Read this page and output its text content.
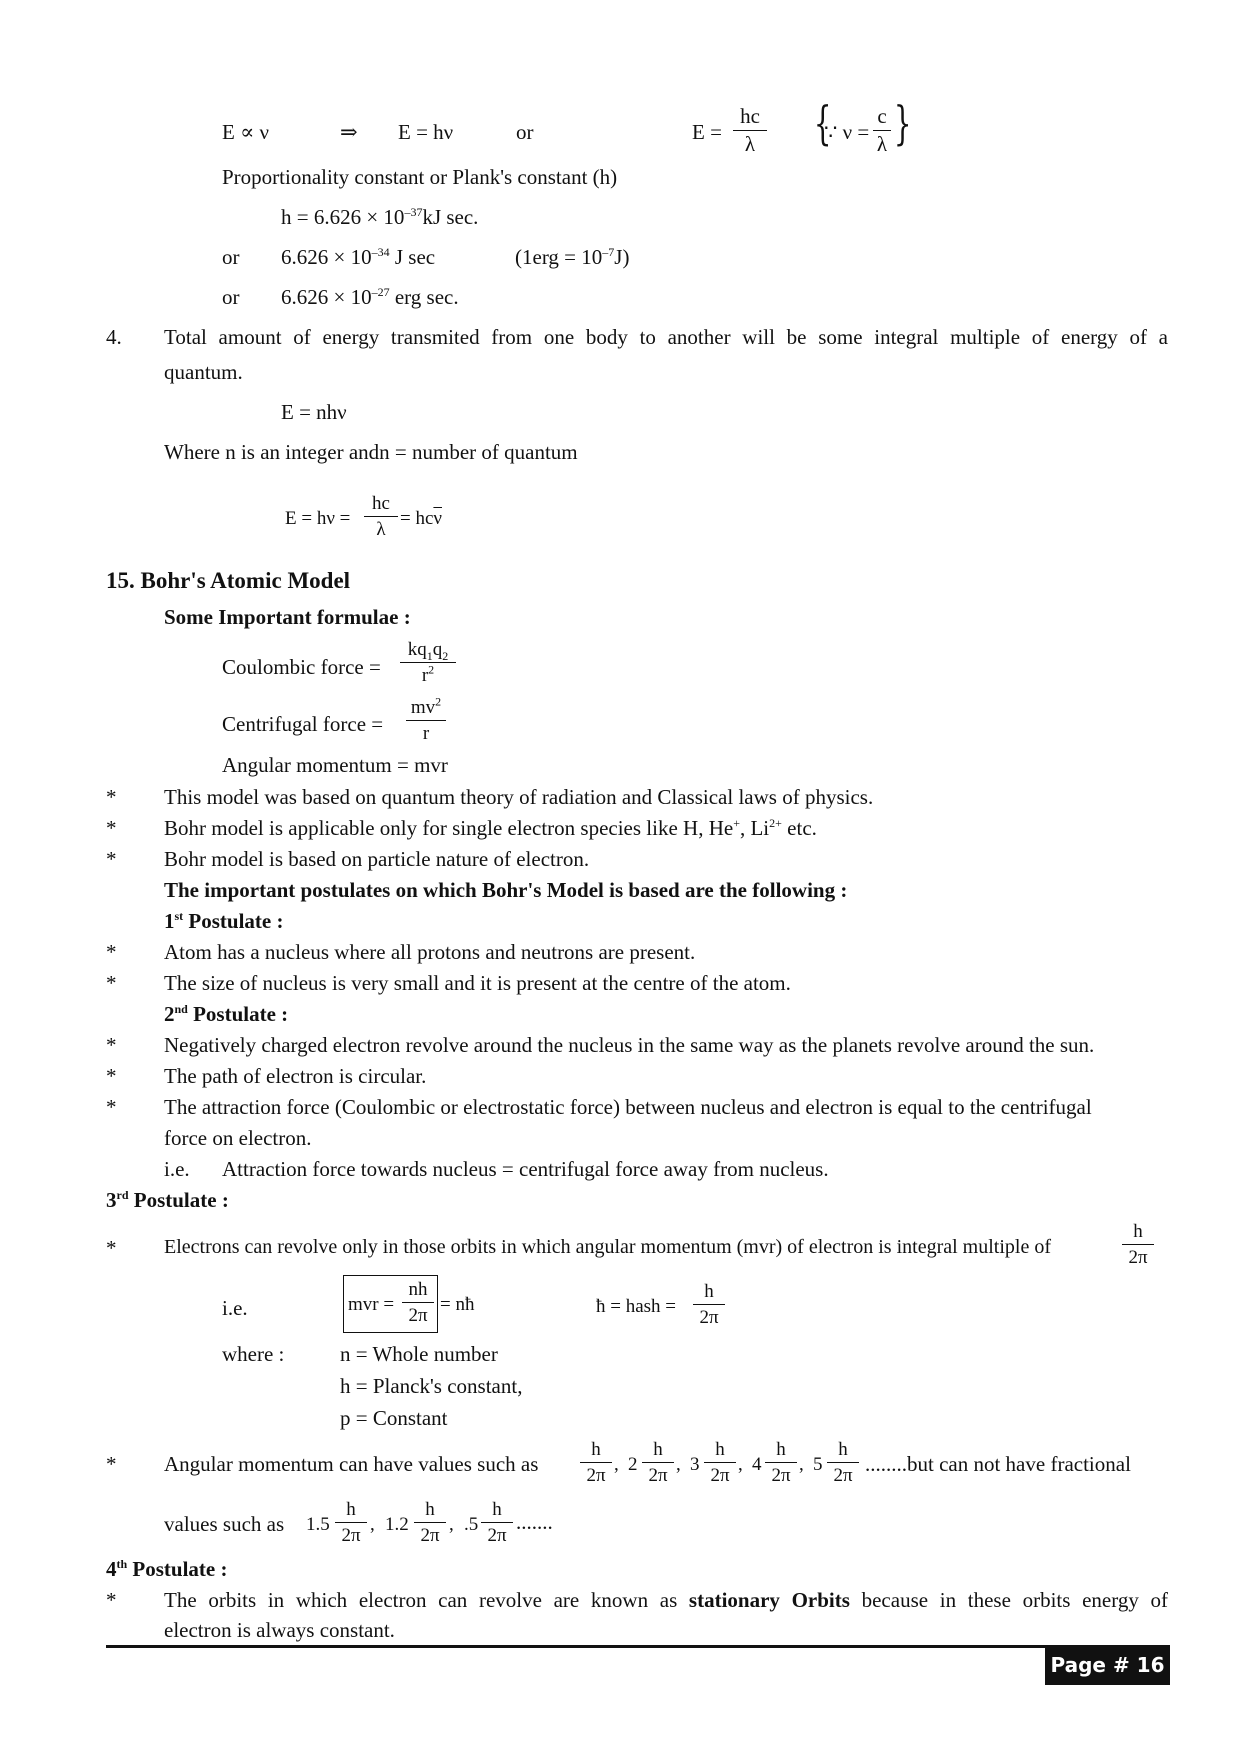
E ∝ ν	⇒ E = hν	or	E =
hc
λ {
∵ ν =
c
λ }
Proportionality constant or Plank's constant (h)
$h = 6.626 \times 10^{-37}kJ$ sec.
or $6.626 \times 10^{-34}$ J sec	$(1erg = 10^{-7}J)$
or $6.626 \times 10^{-27}$ erg sec.
4. Total amount of energy transmited from one body to another will be some integral multiple of energy of a
quantum.
E = nhν
Where n is an integer andn = number of quantum
E = hν =
hc
λ
= $hc\overline{\nu}$
15. Bohr's Atomic Model
Some Important formulae :
Coulombic force =
$kq_1q_2$
$r^2$
Centrifugal force =
$mv^2$
r
Angular momentum = mvr
* This model was based on quantum theory of radiation and Classical laws of physics.
* Bohr model is applicable only for single electron species like H, He+, $Li^{2+}$ etc.
* Bohr model is based on particle nature of electron.
The important postulates on which Bohr's Model is based are the following :
1st Postulate :
* Atom has a nucleus where all protons and neutrons are present.
* The size of nucleus is very small and it is present at the centre of the atom.
2nd Postulate :
* Negatively charged electron revolve around the nucleus in the same way as the planets revolve around the sun.
* The path of electron is circular.
* The attraction force (Coulombic or electrostatic force) between nucleus and electron is equal to the centrifugal
force on electron.
i.e. Attraction force towards nucleus = centrifugal force away from nucleus.
3rd Postulate :
* Electrons can revolve only in those orbits in which angular momentum (mvr) of electron is integral multiple of
h
2π
i.e.	mvr =
nh
2π
= nħ	ħ = hash =
h
2π
where :	n = Whole number
h = Planck's constant,
p = Constant
* Angular momentum can have values such as
h
2π
, 2
h
2π
, 3
h
2π
, 4
h
2π
, 5
h
2π ........but can not have fractional
values such as 1.5
h
2π
, 1.2
h
2π
, .5
h
2π
.......
4th Postulate :
* The orbits in which electron can revolve are known as stationary Orbits because in these orbits energy of
electron is always constant.
Page # 16
